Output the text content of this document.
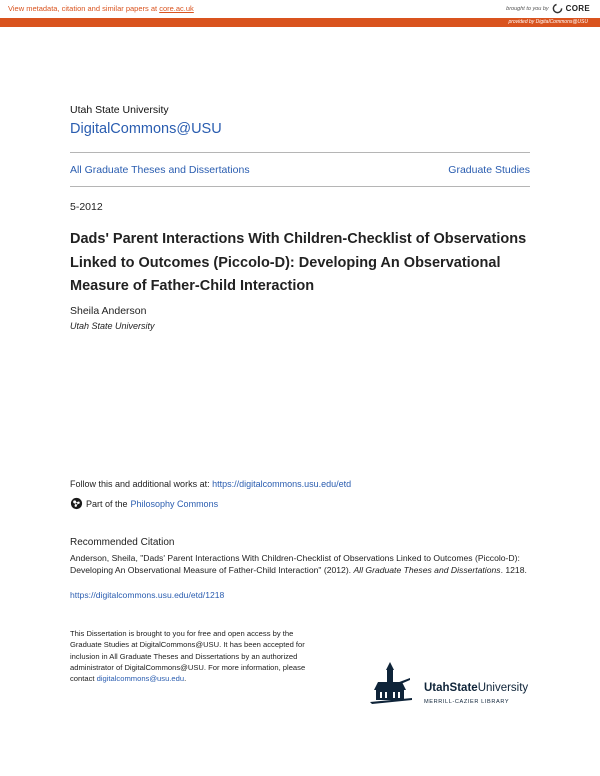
View metadata, citation and similar papers at core.ac.uk	brought to you by CORE
provided by DigitalCommons@USU
Utah State University
DigitalCommons@USU
All Graduate Theses and Dissertations	Graduate Studies
5-2012
Dads' Parent Interactions With Children-Checklist of Observations Linked to Outcomes (Piccolo-D): Developing An Observational Measure of Father-Child Interaction
Sheila Anderson
Utah State University
Follow this and additional works at: https://digitalcommons.usu.edu/etd
Part of the Philosophy Commons
Recommended Citation
Anderson, Sheila, "Dads' Parent Interactions With Children-Checklist of Observations Linked to Outcomes (Piccolo-D): Developing An Observational Measure of Father-Child Interaction" (2012). All Graduate Theses and Dissertations. 1218.
https://digitalcommons.usu.edu/etd/1218
This Dissertation is brought to you for free and open access by the Graduate Studies at DigitalCommons@USU. It has been accepted for inclusion in All Graduate Theses and Dissertations by an authorized administrator of DigitalCommons@USU. For more information, please contact digitalcommons@usu.edu.
UtahStateUniversity
MERRILL-CAZIER LIBRARY
